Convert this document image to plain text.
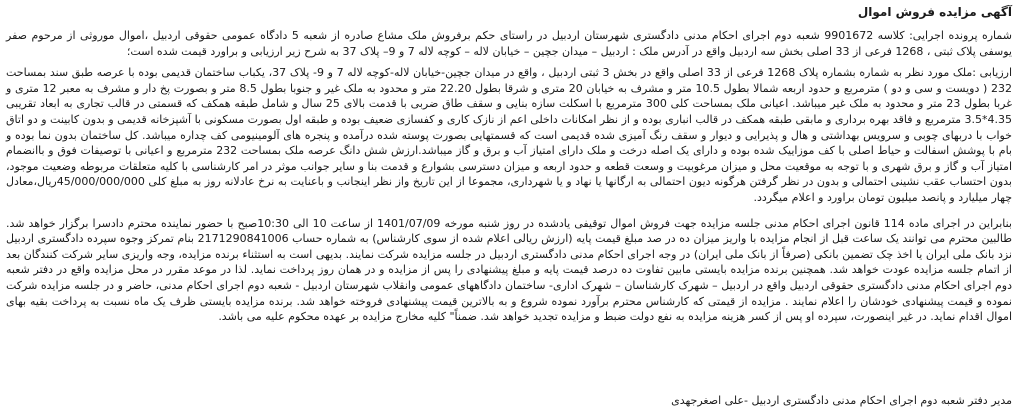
آگهی مزایده فروش اموال

شماره پرونده اجرایی: کلاسه 9901672 شعبه دوم اجرای احکام مدنی دادگستری شهرستان اردبیل در راستای حکم برفروش ملک مشاع صادره از شعبه 5 دادگاه عمومی حقوقی اردبیل ،اموال موروثی از مرحوم صفر یوسفی پلاک ثبتی ، 1268 فرعی از 33 اصلی بخش سه اردبیل واقع در آدرس ملک : اردبیل – میدان جچین – خیابان لاله – کوچه لاله 7 و 9– پلاک 37 به شرح زیر ارزیابی و براورد قیمت شده است؛

ارزیابی :ملک مورد نظر به شماره بشماره پلاک 1268 فرعی از 33 اصلی واقع در بخش 3 ثبتی اردبیل ، واقع در میدان جچین-خیابان لاله-کوچه لاله 7 و 9- پلاک 37، یکباب ساختمان قدیمی بوده با عرصه طبق سند بمساحت 232 ( دویست و سی و دو ) مترمربع و حدود اربعه شمالا بطول 10.5 متر و مشرف به خیابان 20 متری و شرقا بطول 22.20 متر و محدود به ملک غیر و جنوبا بطول 8.5 متر و بصورت پخ دار و مشرف به معبر 12 متری و غربا بطول 23 متر و محدود به ملک غیر میباشد. اعیانی ملک بمساحت کلی 300 مترمربع با اسکلت سازه بنایی و سقف طاق ضربی با قدمت بالای 25 سال و شامل طبقه همکف که قسمتی در قالب تجاری به ابعاد تقریبی 4.35*3.5 مترمربع و فاقد بهره برداری و مابقی طبقه همکف در قالب انباری بوده و از نظر امکانات داخلی اعم از نازک کاری و کفسازی ضعیف بوده و طبقه اول بصورت مسکونی با آشپزخانه قدیمی و بدون کابینت و دو اتاق خواب با دربهای چوبی و سرویس بهداشتی و هال و پذیرایی و دیوار و سقف رنگ آمیزی شده قدیمی است که قسمتهایی بصورت پوسته شده درآمده و پنجره های آلومینیومی کف چداره میباشد. کل ساختمان بدون نما بوده و بام با پوشش اسفالت و حیاط اصلی با کف موزاییک شده بوده و دارای یک اصله درخت و ملک دارای امتیاز آب و برق و گاز میباشد.ارزش شش دانگ عرصه ملک بمساحت 232 مترمربع و اعیانی با توصیفات فوق و باانضمام امتیاز آب و گاز و برق شهری و با توجه به موقعیت محل و میزان مرغوبیت و وسعت قطعه و حدود اربعه و میزان دسترسی بشوارع و قدمت بنا و سایر جوانب موثر در امر کارشناسی با کلیه متعلقات مربوطه وضعیت موجود، بدون احتساب عقب نشینی احتمالی و بدون در نظر گرفتن هرگونه دیون احتمالی به ارگانها یا نهاد و یا شهرداری، مجموعا از این تاریخ واز نظر اینجانب و باعنایت به نرخ عادلانه روز به مبلغ کلی 45/000/000/000ریال،معادل چهار میلیارد و پانصد میلیون تومان براورد و اعلام میگردد.

بنابراین در اجرای ماده 114 قانون اجرای احکام مدنی جلسه مزایده جهت فروش اموال توقیفی یادشده در روز شنبه مورخه 1401/07/09 از ساعت 10 الی 10:30صبح با حضور نماینده محترم دادسرا برگزار خواهد شد. طالبین محترم می توانند یک ساعت قبل از انجام مزایده با واریز میزان ده در صد مبلغ قیمت پایه (ارزش ریالی اعلام شده از سوی کارشناس) به شماره حساب 2171290841006 بنام تمرکز وجوه سپرده دادگستری اردبیل نزد بانک ملی ایران یا اخذ چک تضمین بانکی (صرفاً از بانک ملی ایران) در وجه اجرای احکام مدنی دادگستری اردبیل در جلسه مزایده شرکت نمایند. بدیهی است به استثناء برنده مزایده، وجه واریزی سایر شرکت کنندگان بعد از اتمام جلسه مزایده عودت خواهد شد. همچنین برنده مزایده بایستی مابین تفاوت ده درصد قیمت پایه و مبلغ پیشنهادی را پس از مزایده و در همان روز پرداخت نماید. لذا در موعد مقرر در محل مزایده واقع در دفتر شعبه دوم اجرای احکام مدنی دادگستری حقوقی اردبیل واقع در اردبیل – شهرک کارشناسان – شهرک اداری- ساختمان دادگاههای عمومی وانقلاب شهرستان اردبیل - شعبه دوم اجرای احکام مدنی، حاضر و در جلسه مزایده شرکت نموده و قیمت پیشنهادی خودشان را اعلام نمایند . مزایده از قیمتی که کارشناس محترم برآورد نموده شروع و به بالاترین قیمت پیشنهادی فروخته خواهد شد. برنده مزایده بایستی ظرف یک ماه نسبت به پرداخت بقیه بهای اموال اقدام نماید. در غیر اینصورت، سپرده او پس از کسر هزینه مزایده به نفع دولت ضبط و مزایده تجدید خواهد شد. ضمناً" کلیه مخارج مزایده بر عهده محکوم علیه می باشد.

مدیر دفتر شعبه دوم اجرای احکام مدنی دادگستری اردبیل -علی اصغرجهدی
